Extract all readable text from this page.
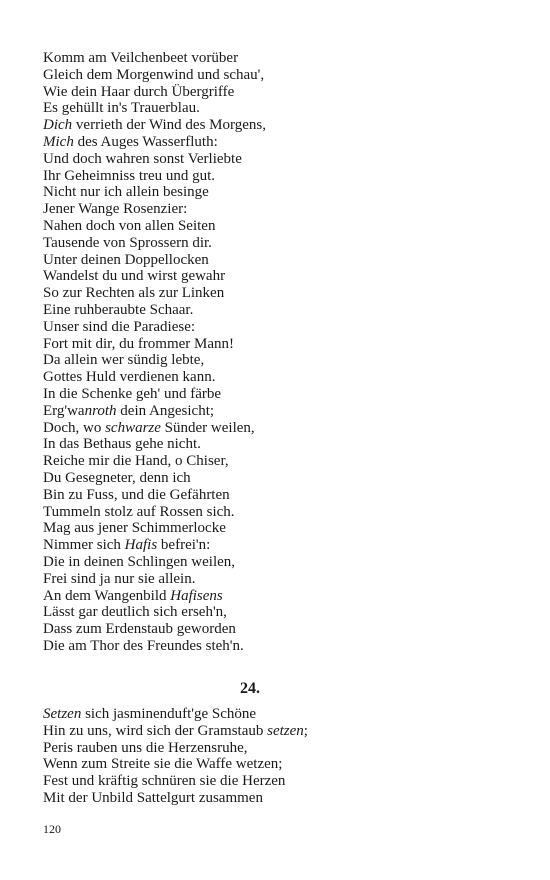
Komm am Veilchenbeet vorüber
Gleich dem Morgenwind und schau',
Wie dein Haar durch Übergriffe
Es gehüllt in's Trauerblau.
Dich verrieth der Wind des Morgens,
Mich des Auges Wasserfluth:
Und doch wahren sonst Verliebte
Ihr Geheimniss treu und gut.
Nicht nur ich allein besinge
Jener Wange Rosenzier:
Nahen doch von allen Seiten
Tausende von Sprossern dir.
Unter deinen Doppellocken
Wandelst du und wirst gewahr
So zur Rechten als zur Linken
Eine ruhberaubte Schaar.
Unser sind die Paradiese:
Fort mit dir, du frommer Mann!
Da allein wer sündig lebte,
Gottes Huld verdienen kann.
In die Schenke geh' und färbe
Erg'wanroth dein Angesicht;
Doch, wo schwarze Sünder weilen,
In das Bethaus gehe nicht.
Reiche mir die Hand, o Chiser,
Du Gesegneter, denn ich
Bin zu Fuss, und die Gefährten
Tummeln stolz auf Rossen sich.
Mag aus jener Schimmerlocke
Nimmer sich Hafis befrei'n:
Die in deinen Schlingen weilen,
Frei sind ja nur sie allein.
An dem Wangenbild Hafisens
Lässt gar deutlich sich erseh'n,
Dass zum Erdenstaub geworden
Die am Thor des Freundes steh'n.
24.
Setzen sich jasminenduft'ge Schöne
Hin zu uns, wird sich der Gramstaub setzen;
Peris rauben uns die Herzensruhe,
Wenn zum Streite sie die Waffe wetzen;
Fest und kräftig schnüren sie die Herzen
Mit der Unbild Sattelgurt zusammen
120
